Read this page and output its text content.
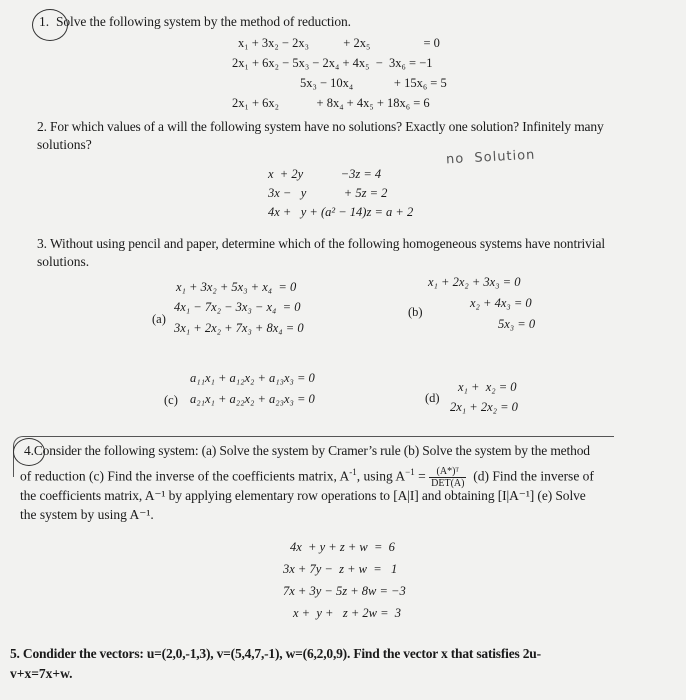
1. Solve the following system by the method of reduction.
x₁ + 3x₂ − 2x₃           + 2x₅                 = 0
2x₁ + 6x₂ − 5x₃ − 2x₄ + 4x₅  −  3x₆ = −1
5x₃ − 10x₄             + 15x₆ = 5
2x₁ + 6x₂            + 8x₄ + 4x₅ + 18x₆ = 6
2. For which values of a will the following system have no solutions? Exactly one solution? Infinitely many
solutions?
no  Solution
x  + 2y            −3z = 4
3x −   y            + 5z = 2
4x +   y + (a² − 14)z = a + 2
3. Without using pencil and paper, determine which of the following homogeneous systems have nontrivial
solutions.
(a)
x₁ + 3x₂ + 5x₃ + x₄  = 0
4x₁ − 7x₂ − 3x₃ − x₄  = 0
3x₁ + 2x₂ + 7x₃ + 8x₄ = 0
(b)
x₁ + 2x₂ + 3x₃ = 0
x₂ + 4x₃ = 0
5x₃ = 0
(c)
a₁₁x₁ + a₁₂x₂ + a₁₃x₃ = 0
a₂₁x₁ + a₂₂x₂ + a₂₃x₃ = 0	(d)
x₁ +  x₂ = 0
2x₁ + 2x₂ = 0
4.Consider the following system: (a) Solve the system by Cramer’s rule (b) Solve the system by the method
of reduction (c) Find the inverse of the coefficients matrix, $A^{-1}$, using $A^{-1} = \frac{\text{(A*)ᵀ}}{\text{DET(A)}} (d)$ Find the inverse of
the coefficients matrix, A⁻¹ by applying elementary row operations to [A|I] and obtaining [I|A⁻¹] (e) Solve
the system by using A⁻¹.
4x  + y + z + w  =  6
3x + 7y −  z + w  =   1
7x + 3y − 5z + 8w = −3
x +  y +   z + 2w =  3
5. Condider the vectors: u=(2,0,-1,3), v=(5,4,7,-1), w=(6,2,0,9). Find the vector x that satisfies 2u-
v+x=7x+w.
